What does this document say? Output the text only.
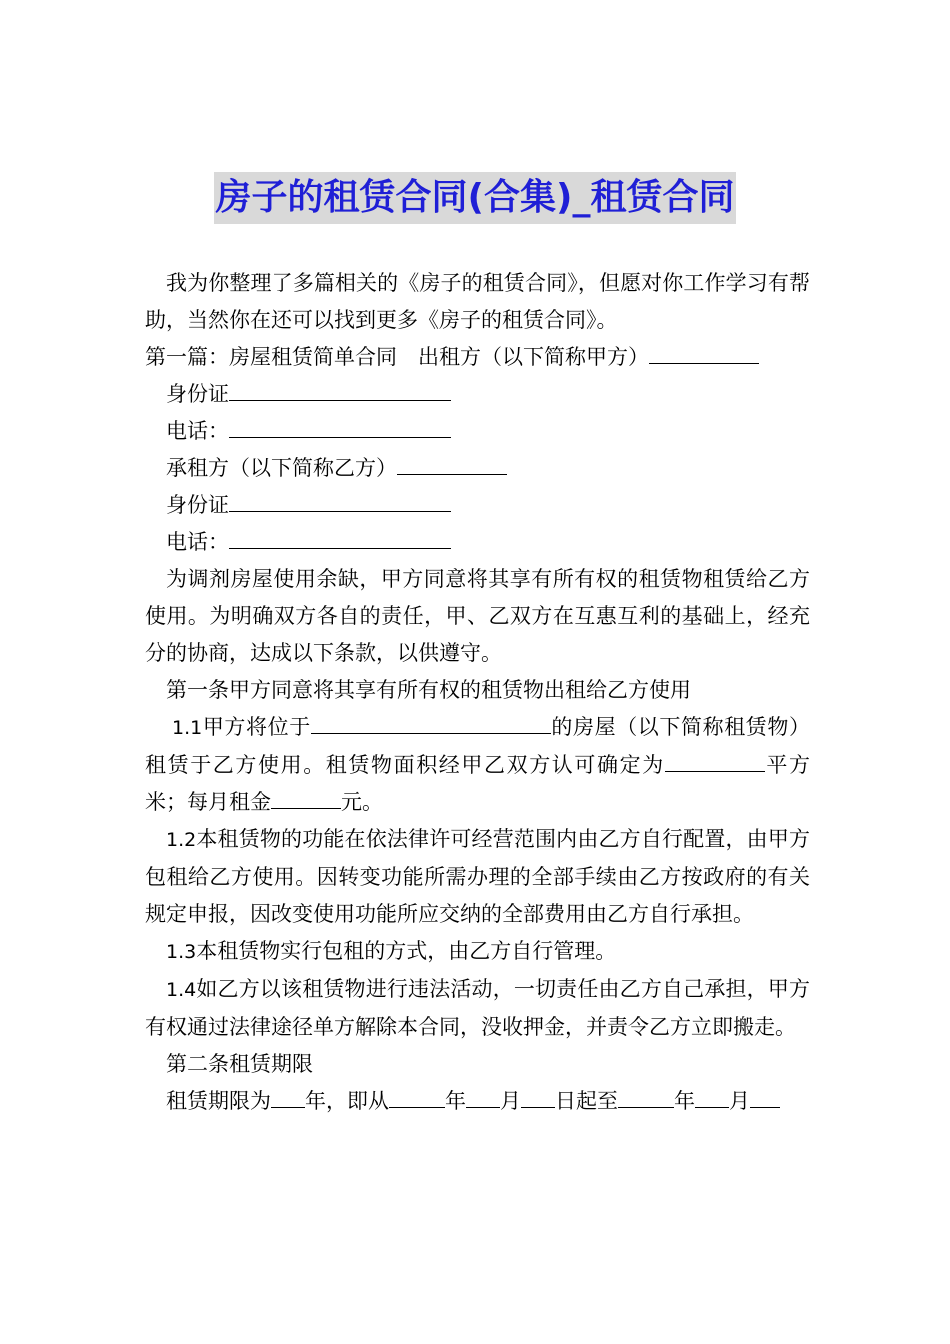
房子的租赁合同(合集)_租赁合同

我为你整理了多篇相关的《房子的租赁合同》，但愿对你工作学习有帮助，当然你在还可以找到更多《房子的租赁合同》。

第一篇：房屋租赁简单合同　出租方（以下简称甲方）

身份证

电话：

承租方（以下简称乙方）

身份证

电话：

为调剂房屋使用余缺，甲方同意将其享有所有权的租赁物租赁给乙方使用。为明确双方各自的责任，甲、乙双方在互惠互利的基础上，经充分的协商，达成以下条款，以供遵守。

第一条甲方同意将其享有所有权的租赁物出租给乙方使用

1.1甲方将位于	的房屋（以下简称租赁物）租赁于乙方使用。租赁物面积经甲乙双方认可确定为	平方米；每月租金	元。

1.2本租赁物的功能在依法律许可经营范围内由乙方自行配置，由甲方包租给乙方使用。因转变功能所需办理的全部手续由乙方按政府的有关规定申报，因改变使用功能所应交纳的全部费用由乙方自行承担。

1.3本租赁物实行包租的方式，由乙方自行管理。

1.4如乙方以该租赁物进行违法活动，一切责任由乙方自己承担，甲方有权通过法律途径单方解除本合同，没收押金，并责令乙方立即搬走。

第二条租赁期限

租赁期限为 年，即从	年 月 日起至	年 月
